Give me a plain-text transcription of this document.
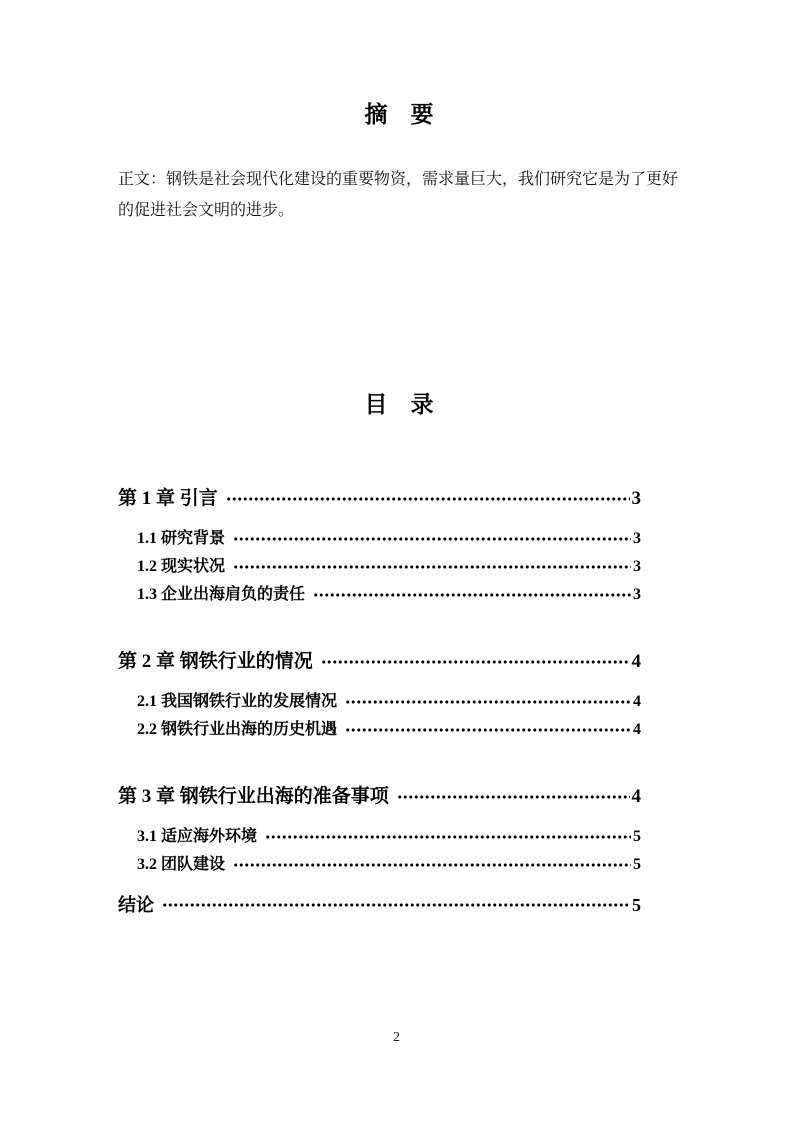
摘　要

正文：钢铁是社会现代化建设的重要物资，需求量巨大，我们研究它是为了更好的促进社会文明的进步。

目　录
第 1 章 引言	3
1.1 研究背景	3
1.2 现实状况	3
1.3 企业出海肩负的责任	3
第 2 章 钢铁行业的情况	4
2.1 我国钢铁行业的发展情况	4
2.2 钢铁行业出海的历史机遇	4
第 3 章 钢铁行业出海的准备事项	4
3.1 适应海外环境	5
3.2 团队建设	5
结论	5
2
